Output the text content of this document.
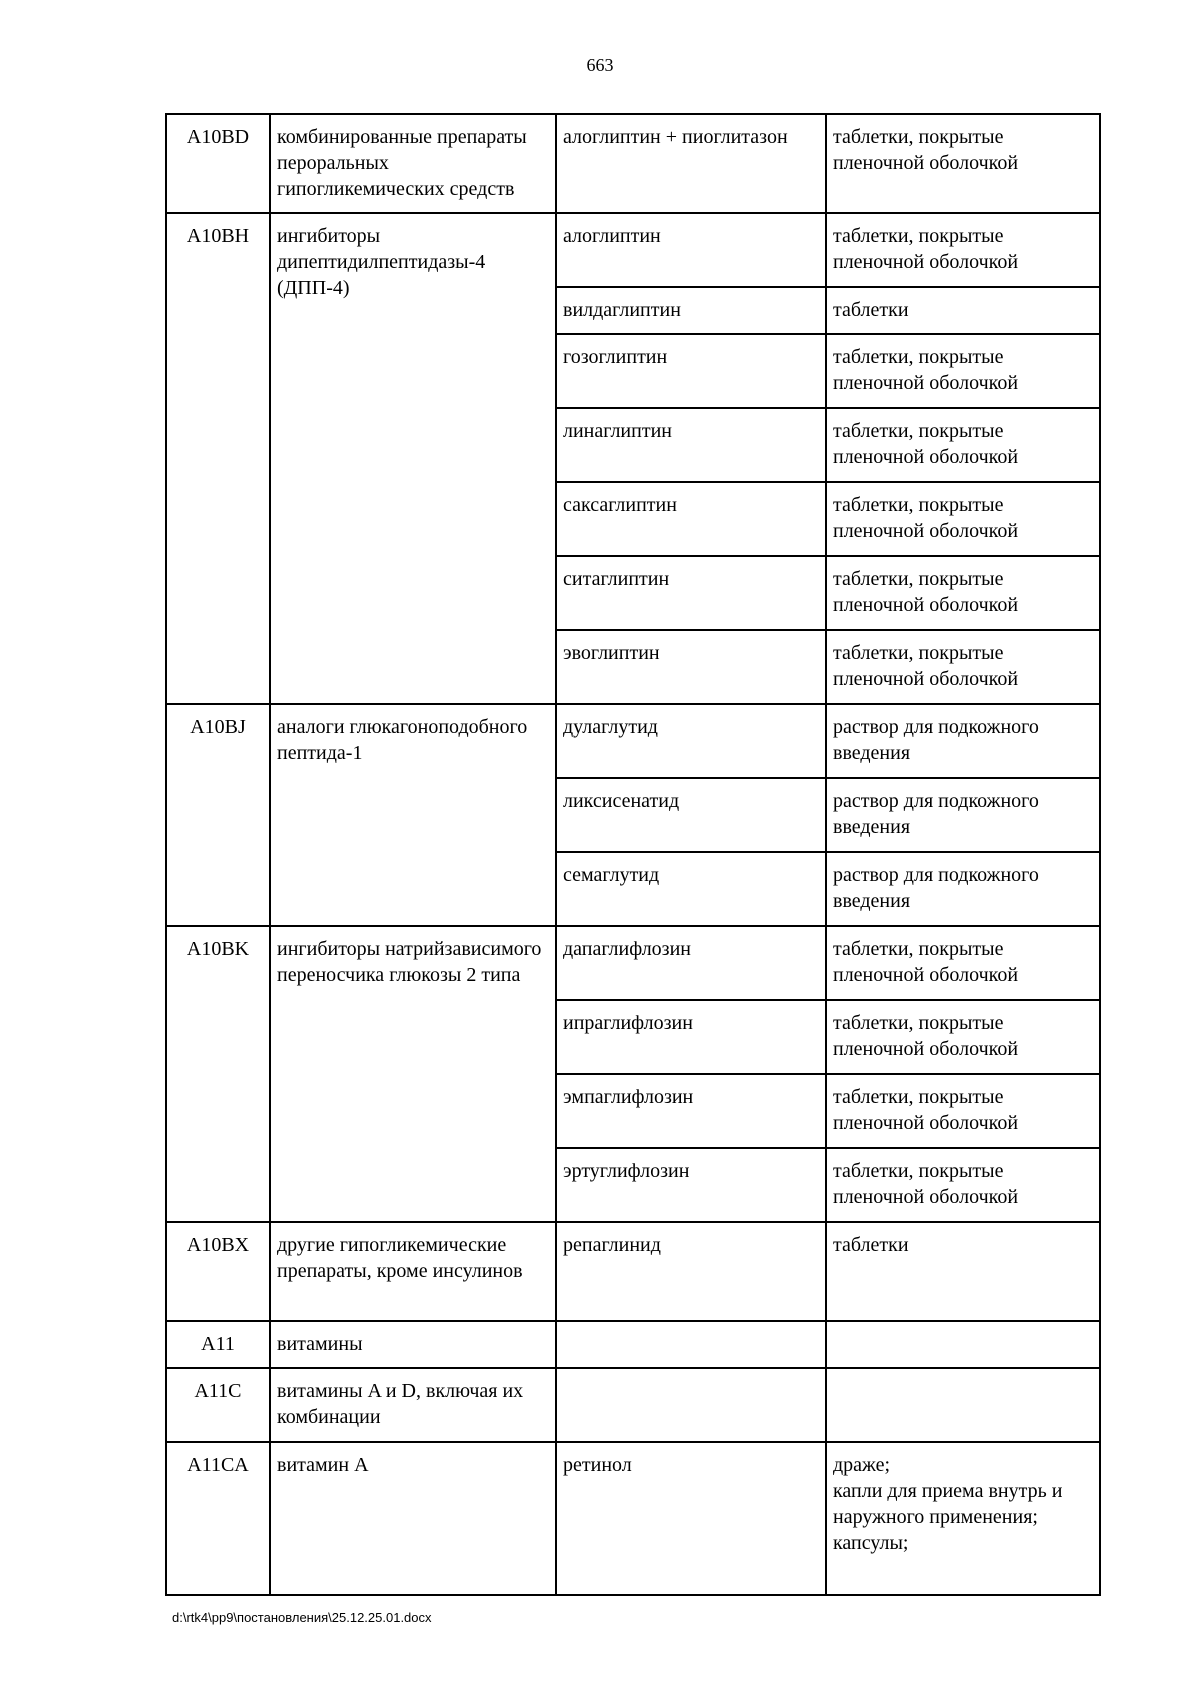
663
A10BD	комбинированные препараты пероральных гипогликемических средств	алоглиптин + пиоглитазон	таблетки, покрытые пленочной оболочкой

A10BH	ингибиторы дипептидилпептидазы-4 (ДПП-4)	алоглиптин	таблетки, покрытые пленочной оболочкой

		вилдаглиптин	таблетки

		гозоглиптин	таблетки, покрытые пленочной оболочкой

		линаглиптин	таблетки, покрытые пленочной оболочкой

		саксаглиптин	таблетки, покрытые пленочной оболочкой

		ситаглиптин	таблетки, покрытые пленочной оболочкой

		эвоглиптин	таблетки, покрытые пленочной оболочкой

A10BJ	аналоги глюкагоноподобного пептида-1	дулаглутид	раствор для подкожного введения

		ликсисенатид	раствор для подкожного введения

		семаглутид	раствор для подкожного введения

A10BK	ингибиторы натрийзависимого переносчика глюкозы 2 типа	дапаглифлозин	таблетки, покрытые пленочной оболочкой

		ипраглифлозин	таблетки, покрытые пленочной оболочкой

		эмпаглифлозин	таблетки, покрытые пленочной оболочкой

		эртуглифлозин	таблетки, покрытые пленочной оболочкой

A10BX	другие гипогликемические препараты, кроме инсулинов	репаглинид	таблетки

A11	витамины		

A11C	витамины A и D, включая их комбинации		

A11CA	витамин A	ретинол	драже;
капли для приема внутрь и наружного применения;
капсулы;
d:\rtk4\pp9\постановления\25.12.25.01.docx
